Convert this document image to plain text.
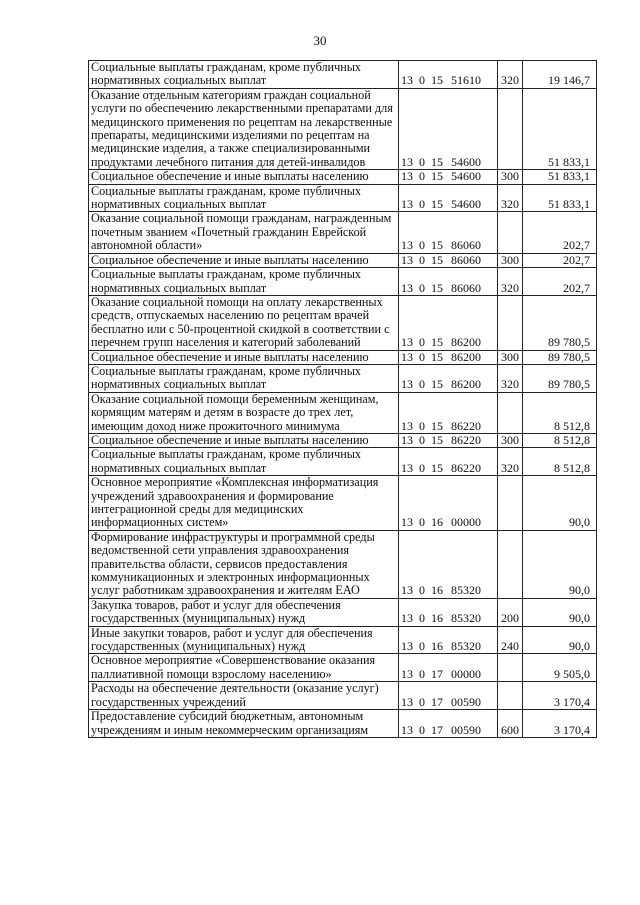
30
Социальные выплаты гражданам, кроме публичных нормативных социальных выплат	13 0 15 51610	320	19 146,7
Оказание отдельным категориям граждан социальной услуги по обеспечению лекарственными препаратами для медицинского применения по рецептам на лекарственные препараты, медицинскими изделиями по рецептам на медицинские изделия, а также специализированными продуктами лечебного питания для детей-инвалидов	13 0 15 54600		51 833,1
Социальное обеспечение и иные выплаты населению	13 0 15 54600	300	51 833,1
Социальные выплаты гражданам, кроме публичных нормативных социальных выплат	13 0 15 54600	320	51 833,1
Оказание социальной помощи гражданам, награжденным почетным званием «Почетный гражданин Еврейской автономной области»	13 0 15 86060		202,7
Социальное обеспечение и иные выплаты населению	13 0 15 86060	300	202,7
Социальные выплаты гражданам, кроме публичных нормативных социальных выплат	13 0 15 86060	320	202,7
Оказание социальной помощи на оплату лекарственных средств, отпускаемых населению по рецептам врачей бесплатно или с 50-процентной скидкой в соответствии с перечнем групп населения и категорий заболеваний	13 0 15 86200		89 780,5
Социальное обеспечение и иные выплаты населению	13 0 15 86200	300	89 780,5
Социальные выплаты гражданам, кроме публичных нормативных социальных выплат	13 0 15 86200	320	89 780,5
Оказание социальной помощи беременным женщинам, кормящим матерям и детям в возрасте до трех лет, имеющим доход ниже прожиточного минимума	13 0 15 86220		8 512,8
Социальное обеспечение и иные выплаты населению	13 0 15 86220	300	8 512,8
Социальные выплаты гражданам, кроме публичных нормативных социальных выплат	13 0 15 86220	320	8 512,8
Основное мероприятие «Комплексная информатизация учреждений здравоохранения и формирование интеграционной среды для медицинских информационных систем»	13 0 16 00000		90,0
Формирование инфраструктуры и программной среды ведомственной сети управления здравоохранения правительства области, сервисов предоставления коммуникационных и электронных информационных услуг работникам здравоохранения и жителям ЕАО	13 0 16 85320		90,0
Закупка товаров, работ и услуг для обеспечения государственных (муниципальных) нужд	13 0 16 85320	200	90,0
Иные закупки товаров, работ и услуг для обеспечения государственных (муниципальных) нужд	13 0 16 85320	240	90,0
Основное мероприятие «Совершенствование оказания паллиативной помощи взрослому населению»	13 0 17 00000		9 505,0
Расходы на обеспечение деятельности (оказание услуг) государственных учреждений	13 0 17 00590		3 170,4
Предоставление субсидий бюджетным, автономным учреждениям и иным некоммерческим организациям	13 0 17 00590	600	3 170,4
